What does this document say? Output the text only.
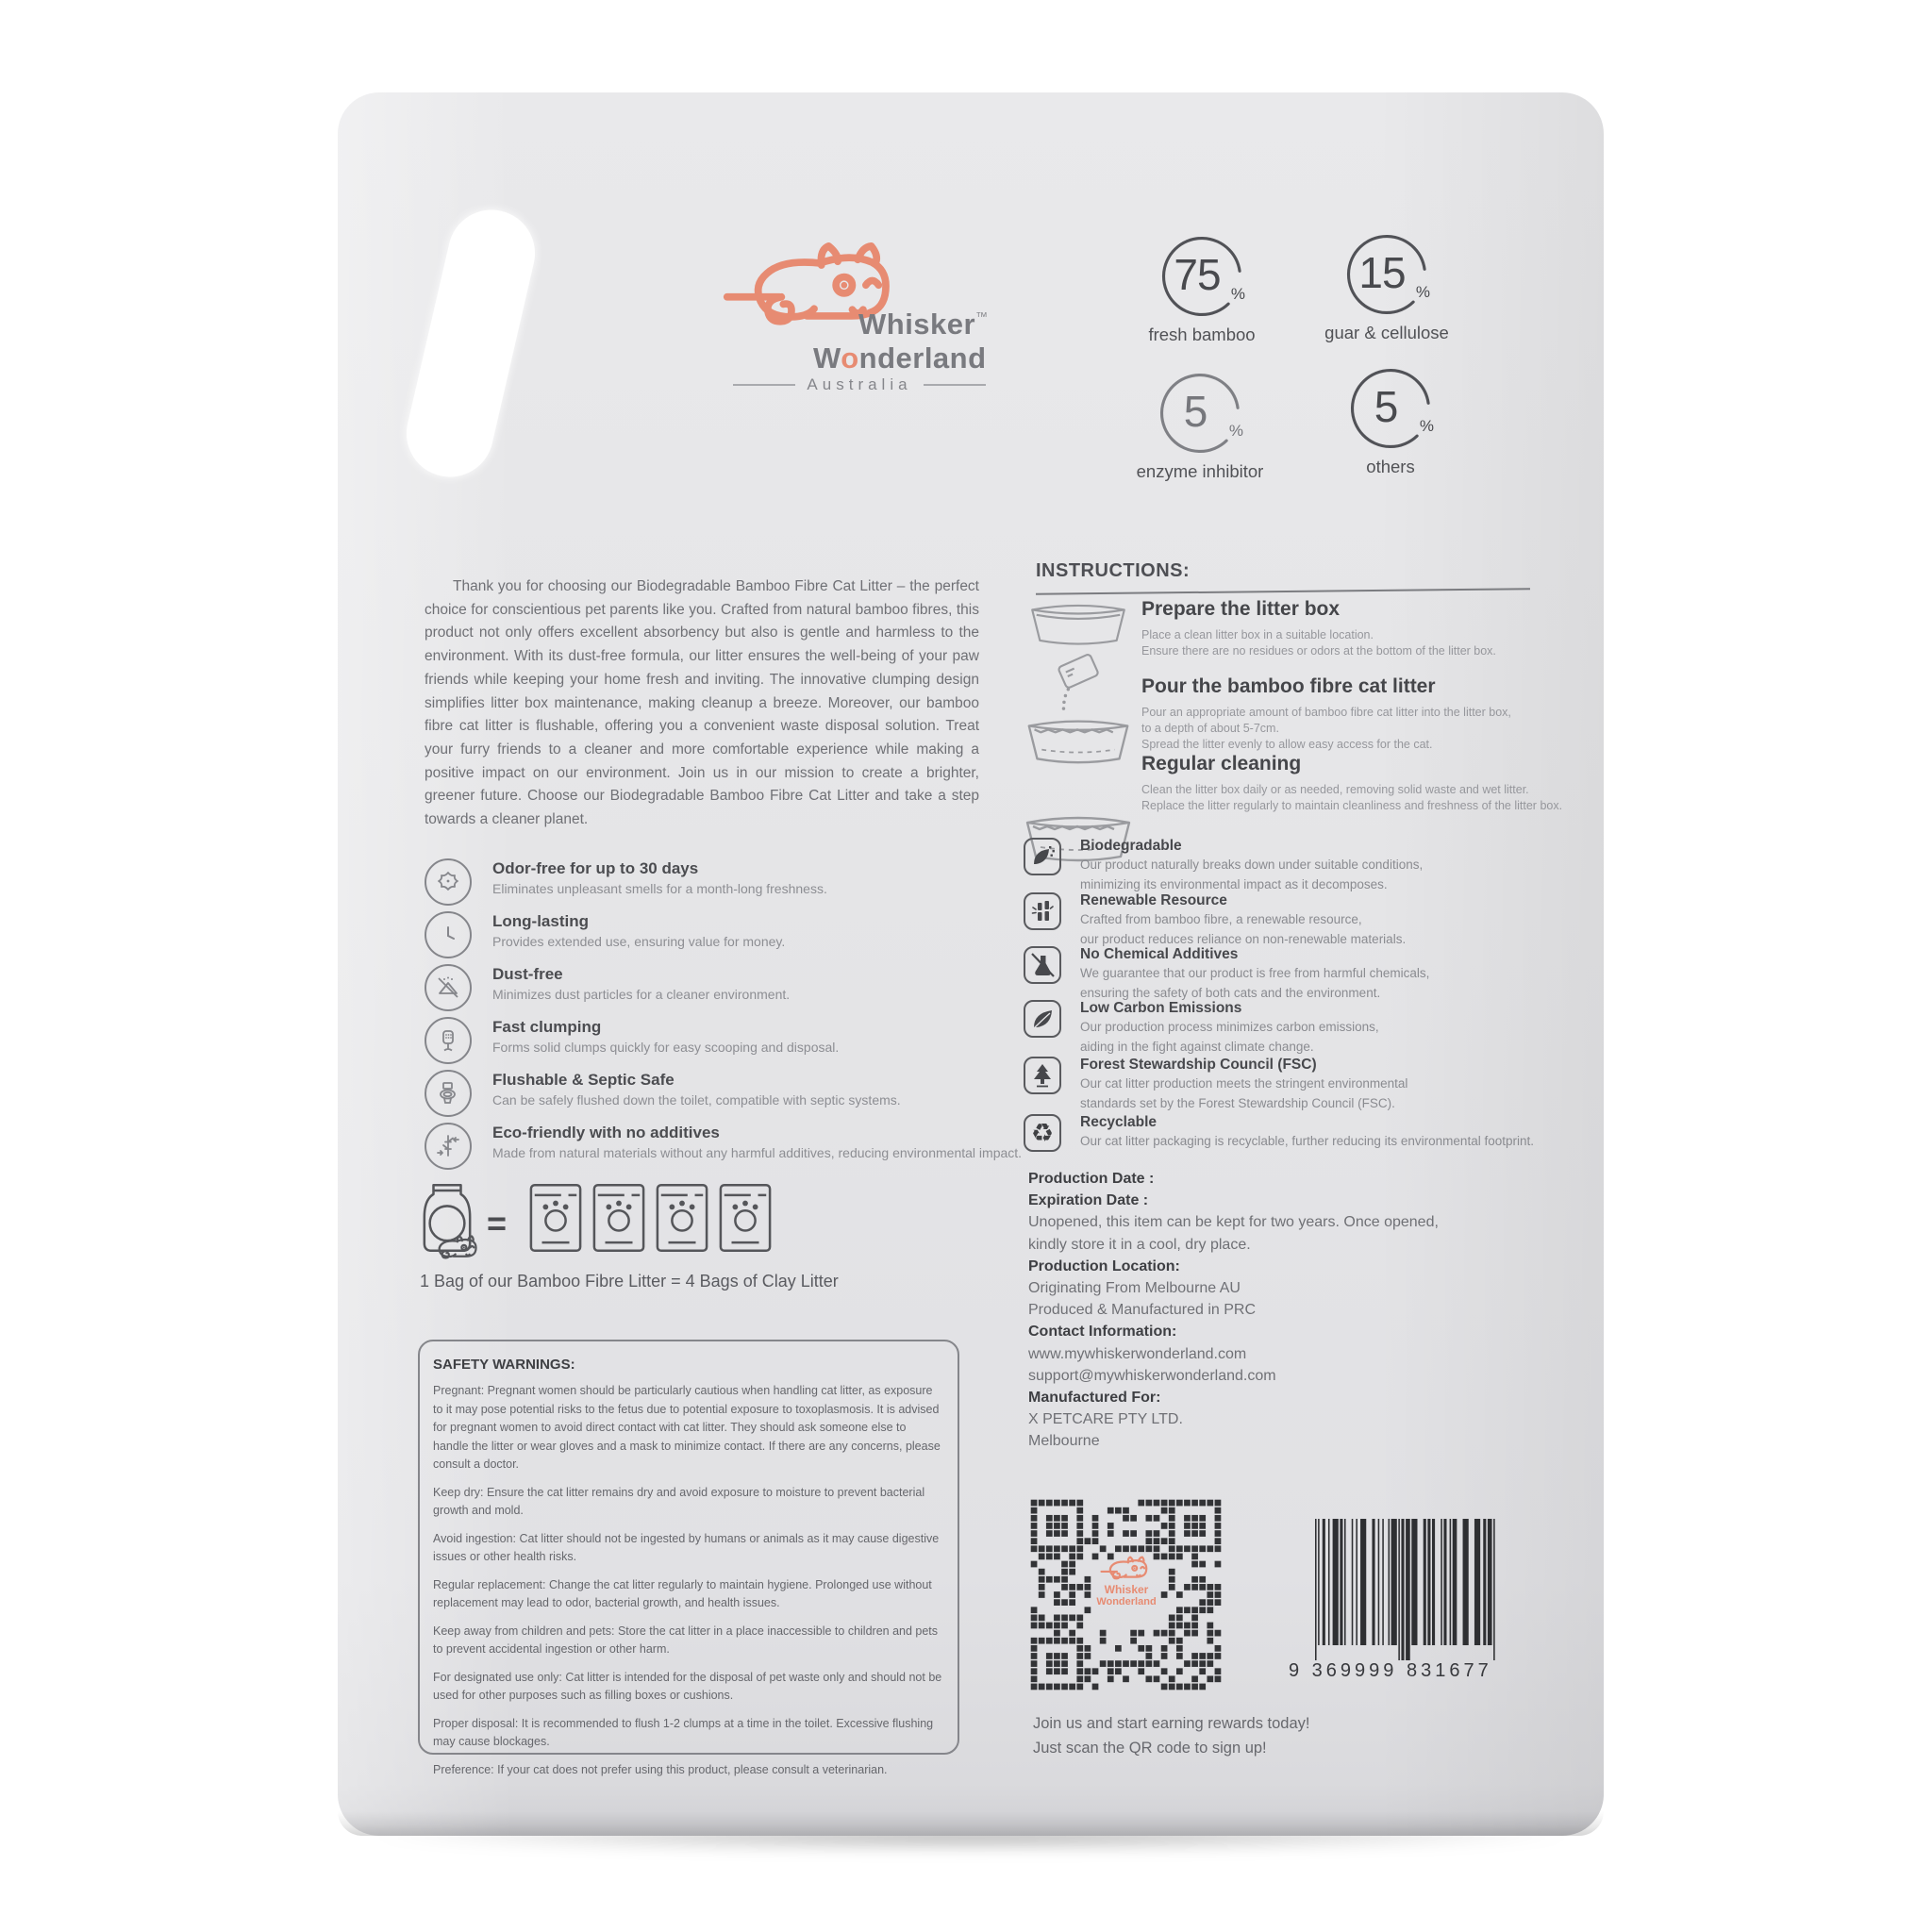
Whisker ™
Wonderland
Australia
75 %
fresh bamboo
15 %
guar & cellulose
5	%
enzyme inhibitor
5	%
others
Thank you for choosing our Biodegradable Bamboo Fibre Cat Litter – the perfect choice for conscientious pet parents like you. Crafted from natural bamboo fibres, this product not only offers excellent absorbency but also is gentle and harmless to the environment. With its dust-free formula, our litter ensures the well-being of your paw friends while keeping your home fresh and inviting. The innovative clumping design simplifies litter box maintenance, making cleanup a breeze. Moreover, our bamboo fibre cat litter is flushable, offering you a convenient waste disposal solution. Treat your furry friends to a cleaner and more comfortable experience while making a positive impact on our environment. Join us in our mission to create a brighter, greener future. Choose our Biodegradable Bamboo Fibre Cat Litter and take a step towards a cleaner planet.
Odor-free for up to 30 days
Eliminates unpleasant smells for a month-long freshness.
Long-lasting
Provides extended use, ensuring value for money.
Dust-free
Minimizes dust particles for a cleaner environment.
Fast clumping
Forms solid clumps quickly for easy scooping and disposal.
Flushable & Septic Safe
Can be safely flushed down the toilet, compatible with septic systems.
Eco-friendly with no additives
Made from natural materials without any harmful additives, reducing environmental impact.
=
1 Bag of our Bamboo Fibre Litter = 4 Bags of Clay Litter
SAFETY WARNINGS:

Pregnant: Pregnant women should be particularly cautious when handling cat litter, as exposure to it may pose potential risks to the fetus due to potential exposure to toxoplasmosis. It is advised for pregnant women to avoid direct contact with cat litter. They should ask someone else to handle the litter or wear gloves and a mask to minimize contact. If there are any concerns, please consult a doctor.

Keep dry: Ensure the cat litter remains dry and avoid exposure to moisture to prevent bacterial growth and mold.

Avoid ingestion: Cat litter should not be ingested by humans or animals as it may cause digestive issues or other health risks.

Regular replacement: Change the cat litter regularly to maintain hygiene. Prolonged use without replacement may lead to odor, bacterial growth, and health issues.

Keep away from children and pets: Store the cat litter in a place inaccessible to children and pets to prevent accidental ingestion or other harm.

For designated use only: Cat litter is intended for the disposal of pet waste only and should not be used for other purposes such as filling boxes or cushions.

Proper disposal: It is recommended to flush 1-2 clumps at a time in the toilet. Excessive flushing may cause blockages.

Preference: If your cat does not prefer using this product, please consult a veterinarian.

INSTRUCTIONS:
Prepare the litter box
Place a clean litter box in a suitable location.
Ensure there are no residues or odors at the bottom of the litter box.
Pour the bamboo fibre cat litter
Pour an appropriate amount of bamboo fibre cat litter into the litter box,
to a depth of about 5-7cm.
Spread the litter evenly to allow easy access for the cat.
Regular cleaning
Clean the litter box daily or as needed, removing solid waste and wet litter.
Replace the litter regularly to maintain cleanliness and freshness of the litter box.
Biodegradable
Our product naturally breaks down under suitable conditions,
minimizing its environmental impact as it decomposes.
Renewable Resource
Crafted from bamboo fibre, a renewable resource,
our product reduces reliance on non-renewable materials.
No Chemical Additives
We guarantee that our product is free from harmful chemicals,
ensuring the safety of both cats and the environment.
Low Carbon Emissions
Our production process minimizes carbon emissions,
aiding in the fight against climate change.
Forest Stewardship Council (FSC)
Our cat litter production meets the stringent environmental
standards set by the Forest Stewardship Council (FSC).
♻ Recyclable
Our cat litter packaging is recyclable, further reducing its environmental footprint.
Production Date :
Expiration Date :
Unopened, this item can be kept for two years. Once opened,
kindly store it in a cool, dry place.
Production Location:
Originating From Melbourne AU
Produced & Manufactured in PRC
Contact Information:
www.mywhiskerwonderland.com
support@mywhiskerwonderland.com
Manufactured For:
X PETCARE PTY LTD.
Melbourne
Whisker
Wonderland
Join us and start earning rewards today!
Just scan the QR code to sign up!
9 369999 831677
